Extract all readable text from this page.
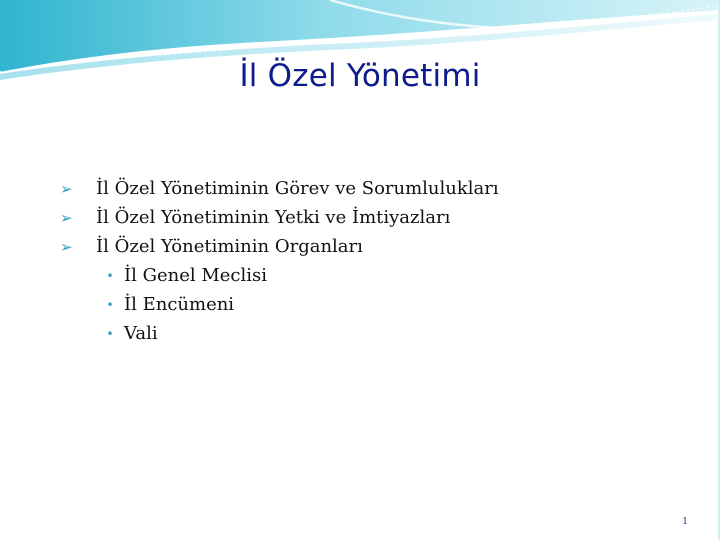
İl Özel Yönetimi
➢	İl Özel Yönetiminin Görev ve Sorumlulukları
➢	İl Özel Yönetiminin Yetki ve İmtiyazları
➢	İl Özel Yönetiminin Organları
• İl Genel Meclisi
• İl Encümeni
• Vali
1
